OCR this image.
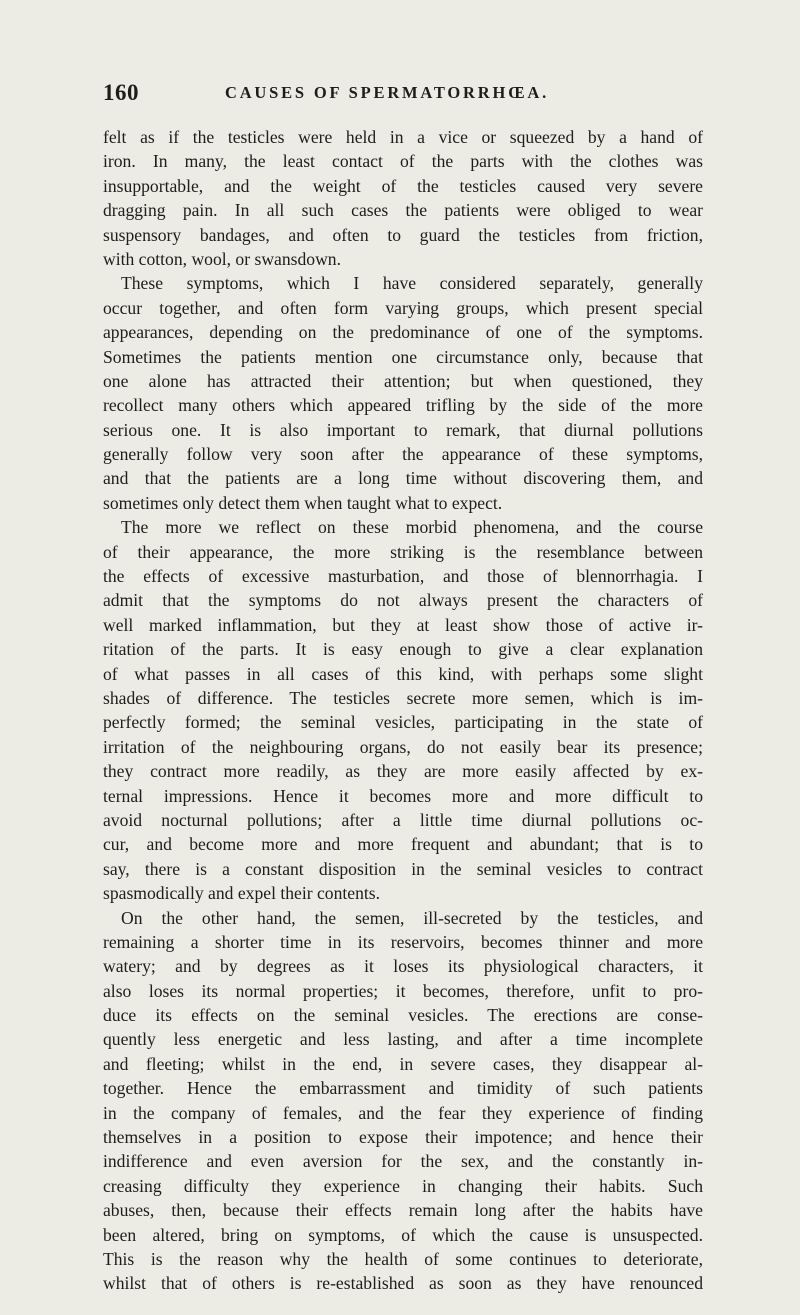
160	CAUSES OF SPERMATORRHŒA.
felt as if the testicles were held in a vice or squeezed by a hand of
iron. In many, the least contact of the parts with the clothes was
insupportable, and the weight of the testicles caused very severe
dragging pain. In all such cases the patients were obliged to wear
suspensory bandages, and often to guard the testicles from friction,
with cotton, wool, or swansdown.
These symptoms, which I have considered separately, generally
occur together, and often form varying groups, which present special
appearances, depending on the predominance of one of the symptoms.
Sometimes the patients mention one circumstance only, because that
one alone has attracted their attention; but when questioned, they
recollect many others which appeared trifling by the side of the more
serious one. It is also important to remark, that diurnal pollutions
generally follow very soon after the appearance of these symptoms,
and that the patients are a long time without discovering them, and
sometimes only detect them when taught what to expect.
The more we reflect on these morbid phenomena, and the course
of their appearance, the more striking is the resemblance between
the effects of excessive masturbation, and those of blennorrhagia. I
admit that the symptoms do not always present the characters of
well marked inflammation, but they at least show those of active ir-
ritation of the parts. It is easy enough to give a clear explanation
of what passes in all cases of this kind, with perhaps some slight
shades of difference. The testicles secrete more semen, which is im-
perfectly formed; the seminal vesicles, participating in the state of
irritation of the neighbouring organs, do not easily bear its presence;
they contract more readily, as they are more easily affected by ex-
ternal impressions. Hence it becomes more and more difficult to
avoid nocturnal pollutions; after a little time diurnal pollutions oc-
cur, and become more and more frequent and abundant; that is to
say, there is a constant disposition in the seminal vesicles to contract
spasmodically and expel their contents.
On the other hand, the semen, ill-secreted by the testicles, and
remaining a shorter time in its reservoirs, becomes thinner and more
watery; and by degrees as it loses its physiological characters, it
also loses its normal properties; it becomes, therefore, unfit to pro-
duce its effects on the seminal vesicles. The erections are conse-
quently less energetic and less lasting, and after a time incomplete
and fleeting; whilst in the end, in severe cases, they disappear al-
together. Hence the embarrassment and timidity of such patients
in the company of females, and the fear they experience of finding
themselves in a position to expose their impotence; and hence their
indifference and even aversion for the sex, and the constantly in-
creasing difficulty they experience in changing their habits. Such
abuses, then, because their effects remain long after the habits have
been altered, bring on symptoms, of which the cause is unsuspected.
This is the reason why the health of some continues to deteriorate,
whilst that of others is re-established as soon as they have renounced
